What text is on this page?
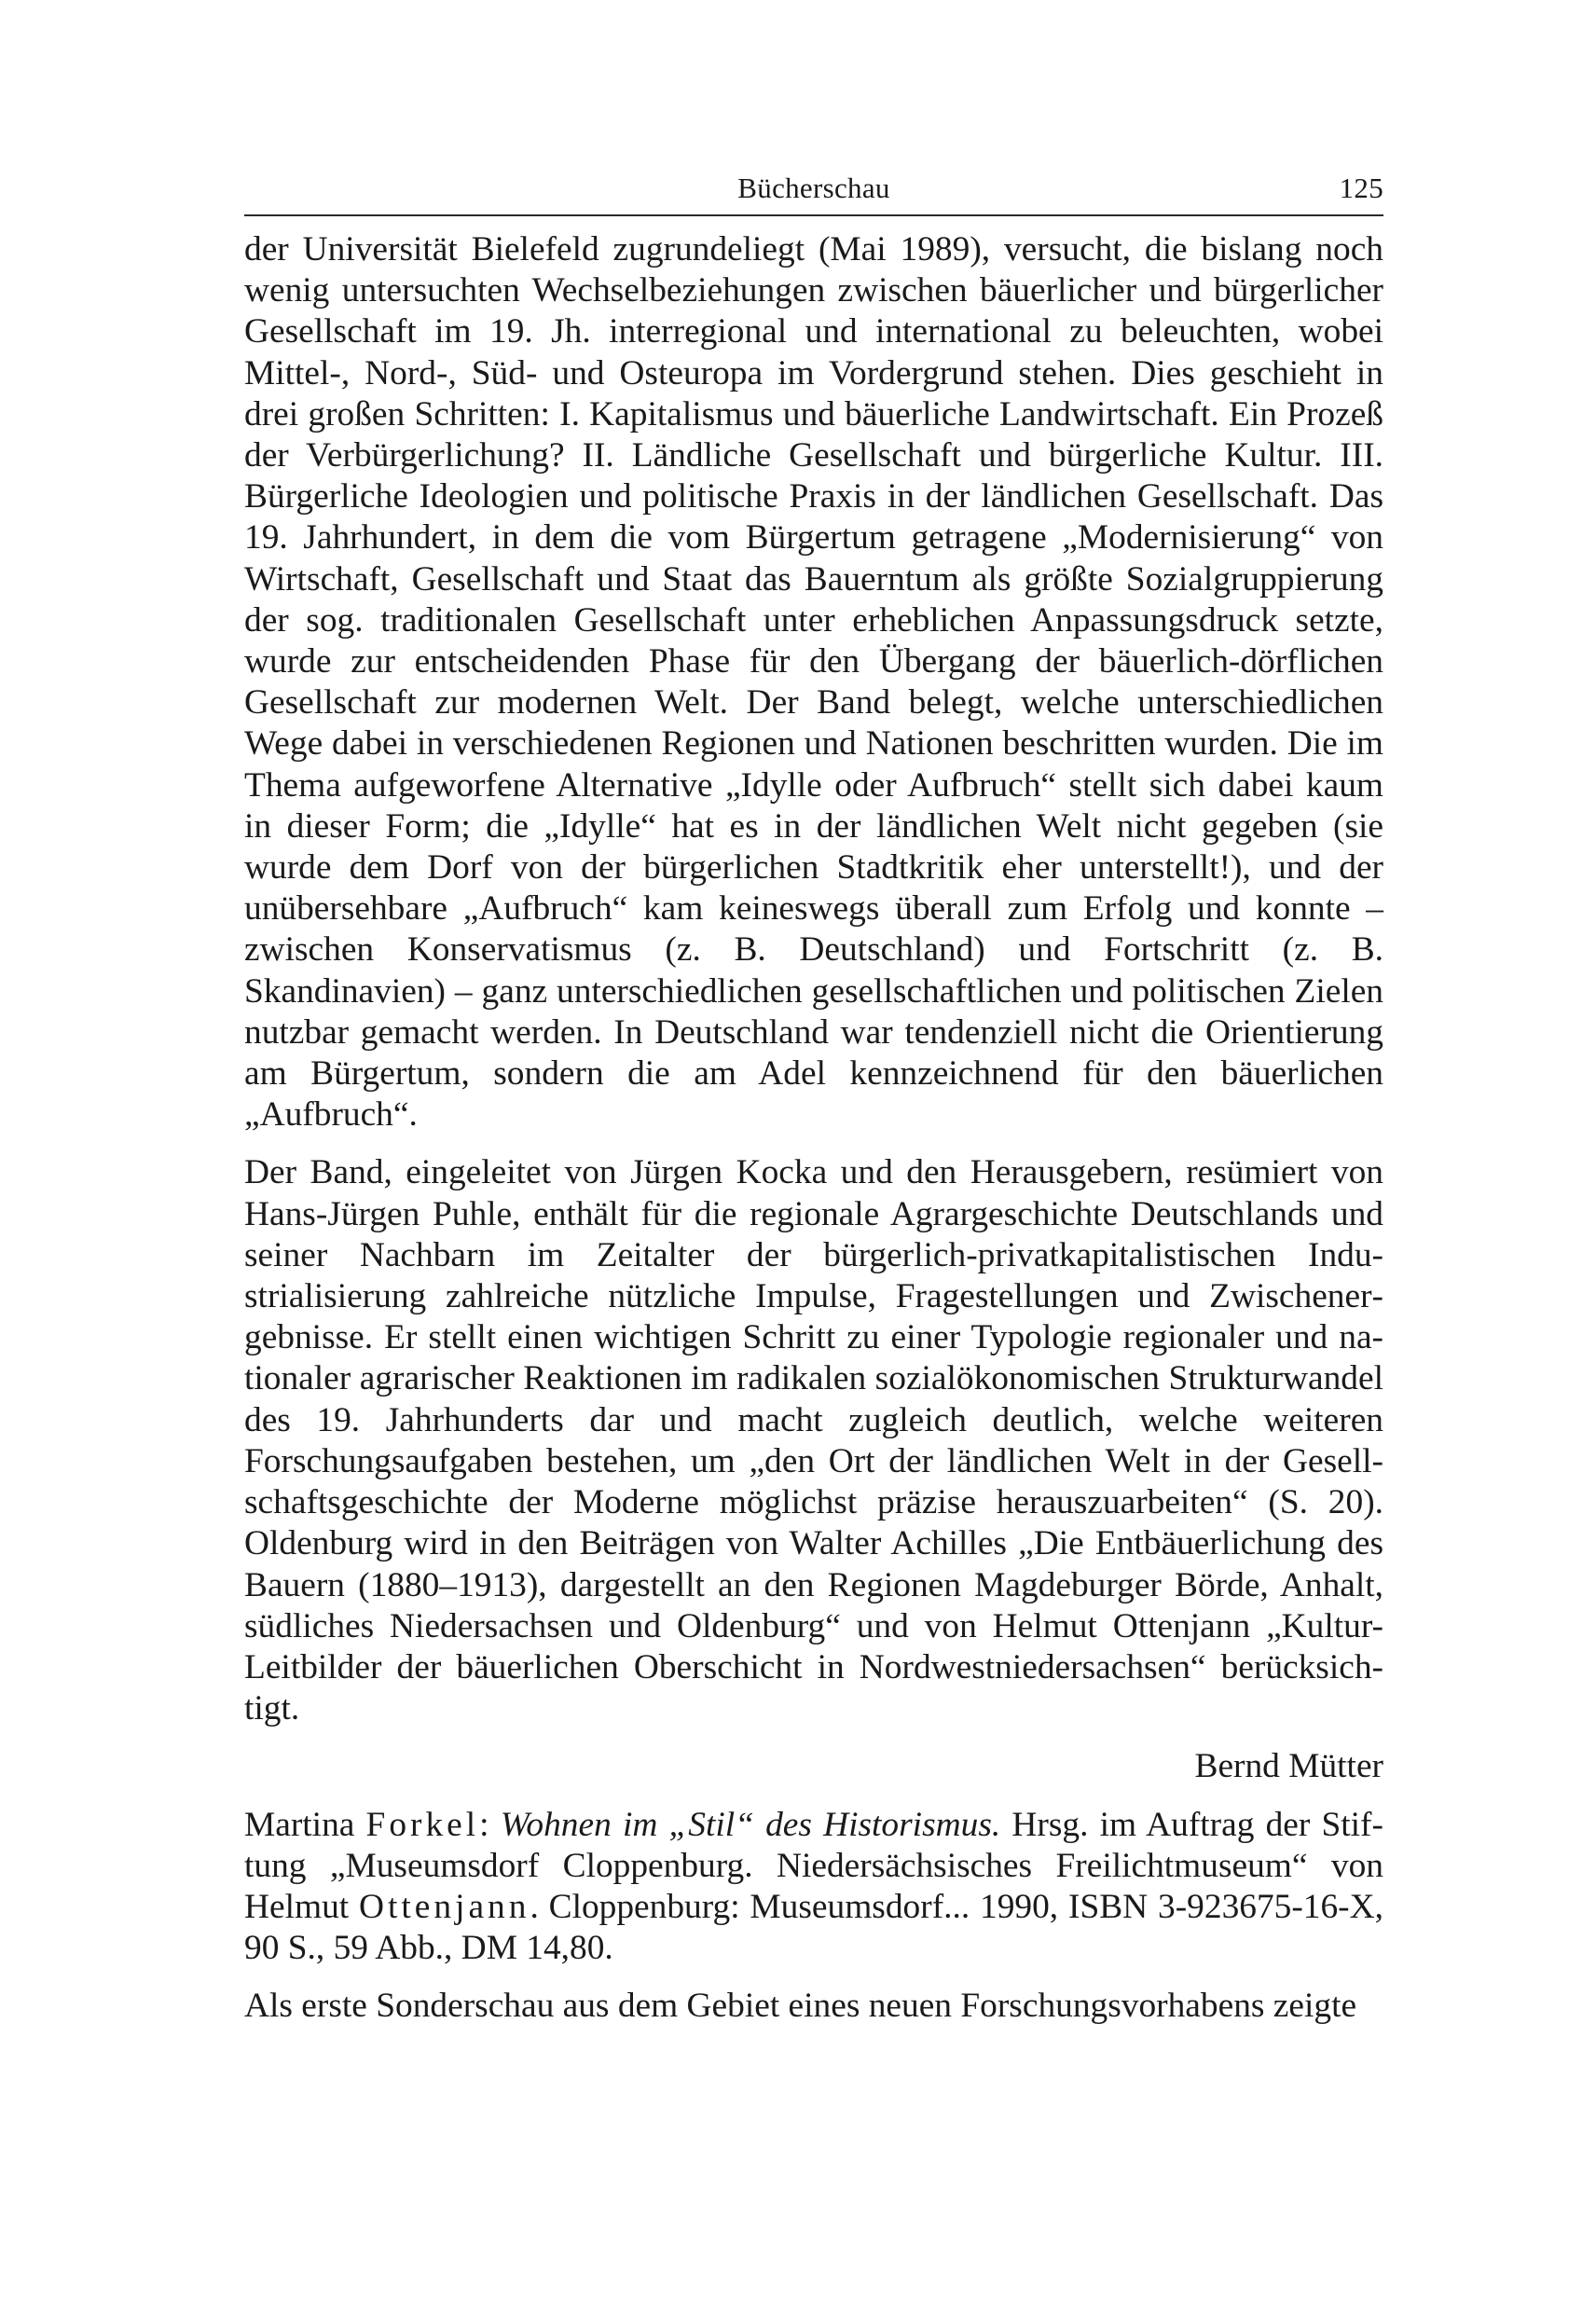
Bücherschau	125

der Universität Bielefeld zugrundeliegt (Mai 1989), versucht, die bislang noch wenig untersuchten Wechselbeziehungen zwischen bäuerlicher und bürgerlicher Gesellschaft im 19. Jh. interregional und international zu beleuchten, wobei Mittel-, Nord-, Süd- und Osteuropa im Vordergrund stehen. Dies geschieht in drei großen Schritten: I. Kapitalismus und bäuerliche Landwirtschaft. Ein Prozeß der Verbürgerlichung? II. Ländliche Gesellschaft und bürgerliche Kultur. III. Bürgerliche Ideologien und politische Praxis in der ländlichen Gesellschaft. Das 19. Jahrhundert, in dem die vom Bürgertum getragene „Modernisierung“ von Wirtschaft, Gesellschaft und Staat das Bauerntum als größte Sozialgruppierung der sog. traditionalen Gesellschaft unter erheblichen Anpassungsdruck setzte, wurde zur entscheidenden Phase für den Übergang der bäuerlich-dörflichen Gesellschaft zur modernen Welt. Der Band belegt, welche unterschiedlichen Wege dabei in verschiedenen Regionen und Nationen beschritten wurden. Die im Thema aufgeworfene Alternative „Idylle oder Aufbruch“ stellt sich dabei kaum in dieser Form; die „Idylle“ hat es in der ländlichen Welt nicht gegeben (sie wurde dem Dorf von der bürgerlichen Stadtkritik eher unterstellt!), und der unübersehbare „Aufbruch“ kam keineswegs überall zum Erfolg und konnte – zwischen Konservatismus (z. B. Deutschland) und Fortschritt (z. B. Skandinavien) – ganz unterschiedlichen gesellschaftlichen und politischen Zielen nutzbar gemacht werden. In Deutschland war tendenziell nicht die Orientierung am Bürgertum, sondern die am Adel kennzeichnend für den bäuerlichen „Aufbruch“.

Der Band, eingeleitet von Jürgen Kocka und den Herausgebern, resümiert von Hans-Jürgen Puhle, enthält für die regionale Agrargeschichte Deutschlands und seiner Nachbarn im Zeitalter der bürgerlich-privatkapitalistischen Industrialisierung zahlreiche nützliche Impulse, Fragestellungen und Zwischenergebnisse. Er stellt einen wichtigen Schritt zu einer Typologie regionaler und nationaler agrarischer Reaktionen im radikalen sozialökonomischen Strukturwandel des 19. Jahrhunderts dar und macht zugleich deutlich, welche weiteren Forschungsaufgaben bestehen, um „den Ort der ländlichen Welt in der Gesellschaftsgeschichte der Moderne möglichst präzise herauszuarbeiten“ (S. 20). Oldenburg wird in den Beiträgen von Walter Achilles „Die Entbäuerlichung des Bauern (1880–1913), dargestellt an den Regionen Magdeburger Börde, Anhalt, südliches Niedersachsen und Oldenburg“ und von Helmut Ottenjann „Kultur-Leitbilder der bäuerlichen Oberschicht in Nordwestniedersachsen“ berücksichtigt.

Bernd Mütter

Martina Forkel: Wohnen im „Stil“ des Historismus. Hrsg. im Auftrag der Stiftung „Museumsdorf Cloppenburg. Niedersächsisches Freilichtmuseum“ von Helmut Ottenjann. Cloppenburg: Museumsdorf... 1990, ISBN 3-923675-16-X, 90 S., 59 Abb., DM 14,80.

Als erste Sonderschau aus dem Gebiet eines neuen Forschungsvorhabens zeigte
